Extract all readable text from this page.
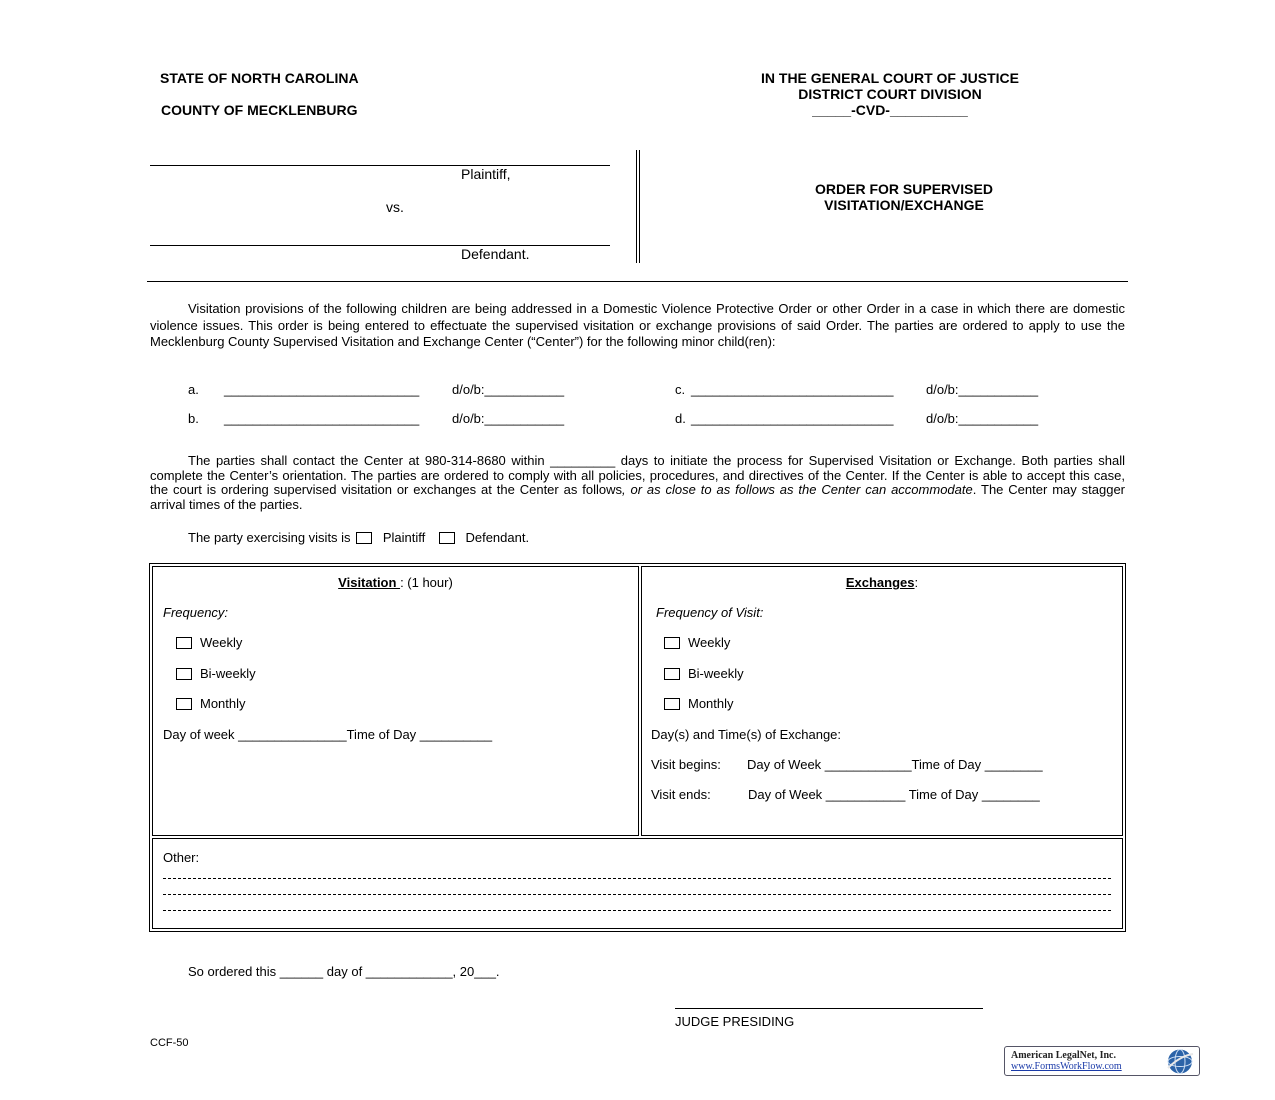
STATE OF NORTH CAROLINA
COUNTY OF MECKLENBURG
IN THE GENERAL COURT OF JUSTICE
DISTRICT COURT DIVISION
_____-CVD-__________
Plaintiff,
vs.
Defendant.
ORDER FOR SUPERVISED
VISITATION/EXCHANGE
Visitation provisions of the following children are being addressed in a Domestic Violence Protective Order or other Order in a case in which there are domestic violence issues. This order is being entered to effectuate the supervised visitation or exchange provisions of said Order. The parties are ordered to apply to use the Mecklenburg County Supervised Visitation and Exchange Center (“Center”) for the following minor child(ren):
a. ___________________________	d/o/b:___________	c. ____________________________	d/o/b:___________
b. ___________________________	d/o/b:___________	d. ____________________________	d/o/b:___________
The parties shall contact the Center at 980-314-8680 within _________ days to initiate the process for Supervised Visitation or Exchange. Both parties shall complete the Center’s orientation. The parties are ordered to comply with all policies, procedures, and directives of the Center. If the Center is able to accept this case, the court is ordering supervised visitation or exchanges at the Center as follows, or as close to as follows as the Center can accommodate. The Center may stagger arrival times of the parties.
The party exercising visits is Plaintiff	Defendant.
Visitation : (1 hour)
Frequency:
Weekly
Bi-weekly
Monthly
Day of week _______________Time of Day __________
Exchanges:
Frequency of Visit:
Weekly
Bi-weekly
Monthly
Day(s) and Time(s) of Exchange:
Visit begins: Day of Week ____________Time of Day ________
Visit ends:	Day of Week ___________ Time of Day ________
Other:
So ordered this ______ day of ____________, 20___.
JUDGE PRESIDING
CCF-50
American LegalNet, Inc.
www.FormsWorkFlow.com
